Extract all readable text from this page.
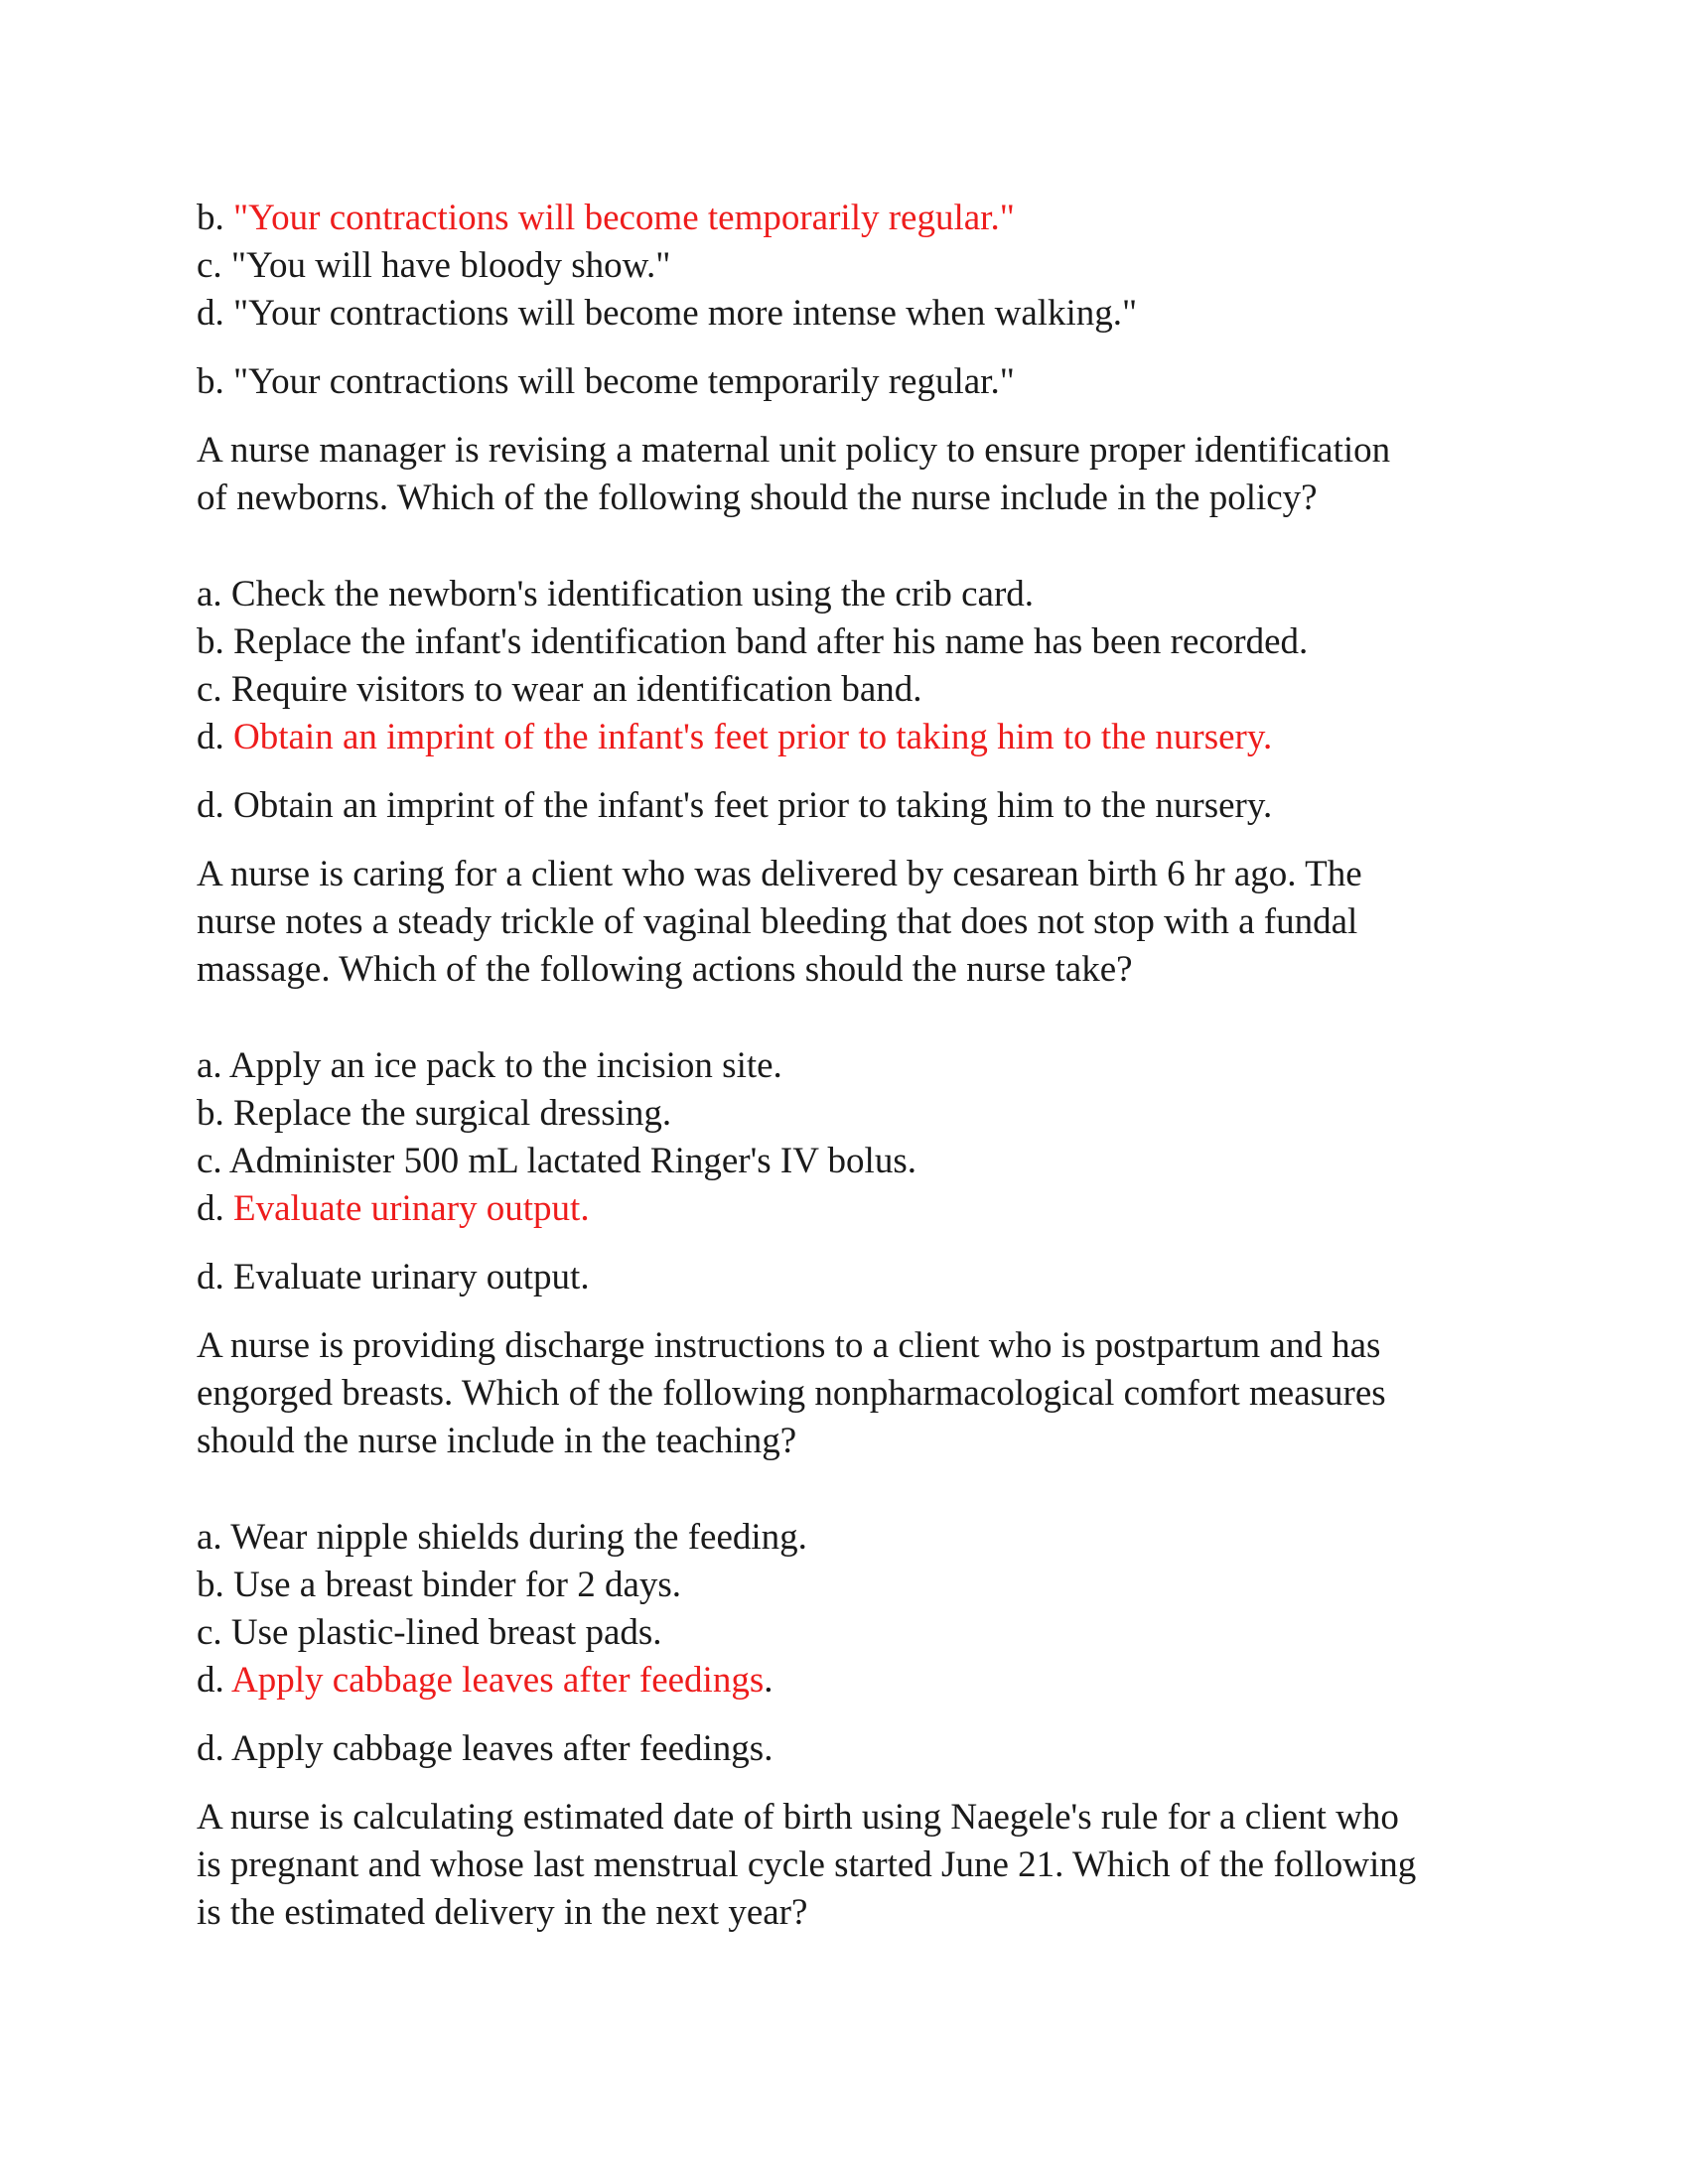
b. "Your contractions will become temporarily regular."
c. "You will have bloody show."
d. "Your contractions will become more intense when walking."
b. "Your contractions will become temporarily regular."
A nurse manager is revising a maternal unit policy to ensure proper identification
of newborns. Which of the following should the nurse include in the policy?
a. Check the newborn's identification using the crib card.
b. Replace the infant's identification band after his name has been recorded.
c. Require visitors to wear an identification band.
d. Obtain an imprint of the infant's feet prior to taking him to the nursery.
d. Obtain an imprint of the infant's feet prior to taking him to the nursery.
A nurse is caring for a client who was delivered by cesarean birth 6 hr ago. The
nurse notes a steady trickle of vaginal bleeding that does not stop with a fundal
massage. Which of the following actions should the nurse take?
a. Apply an ice pack to the incision site.
b. Replace the surgical dressing.
c. Administer 500 mL lactated Ringer's IV bolus.
d. Evaluate urinary output.
d. Evaluate urinary output.
A nurse is providing discharge instructions to a client who is postpartum and has
engorged breasts. Which of the following nonpharmacological comfort measures
should the nurse include in the teaching?
a. Wear nipple shields during the feeding.
b. Use a breast binder for 2 days.
c. Use plastic-lined breast pads.
d. Apply cabbage leaves after feedings.
d. Apply cabbage leaves after feedings.
A nurse is calculating estimated date of birth using Naegele's rule for a client who
is pregnant and whose last menstrual cycle started June 21. Which of the following
is the estimated delivery in the next year?
